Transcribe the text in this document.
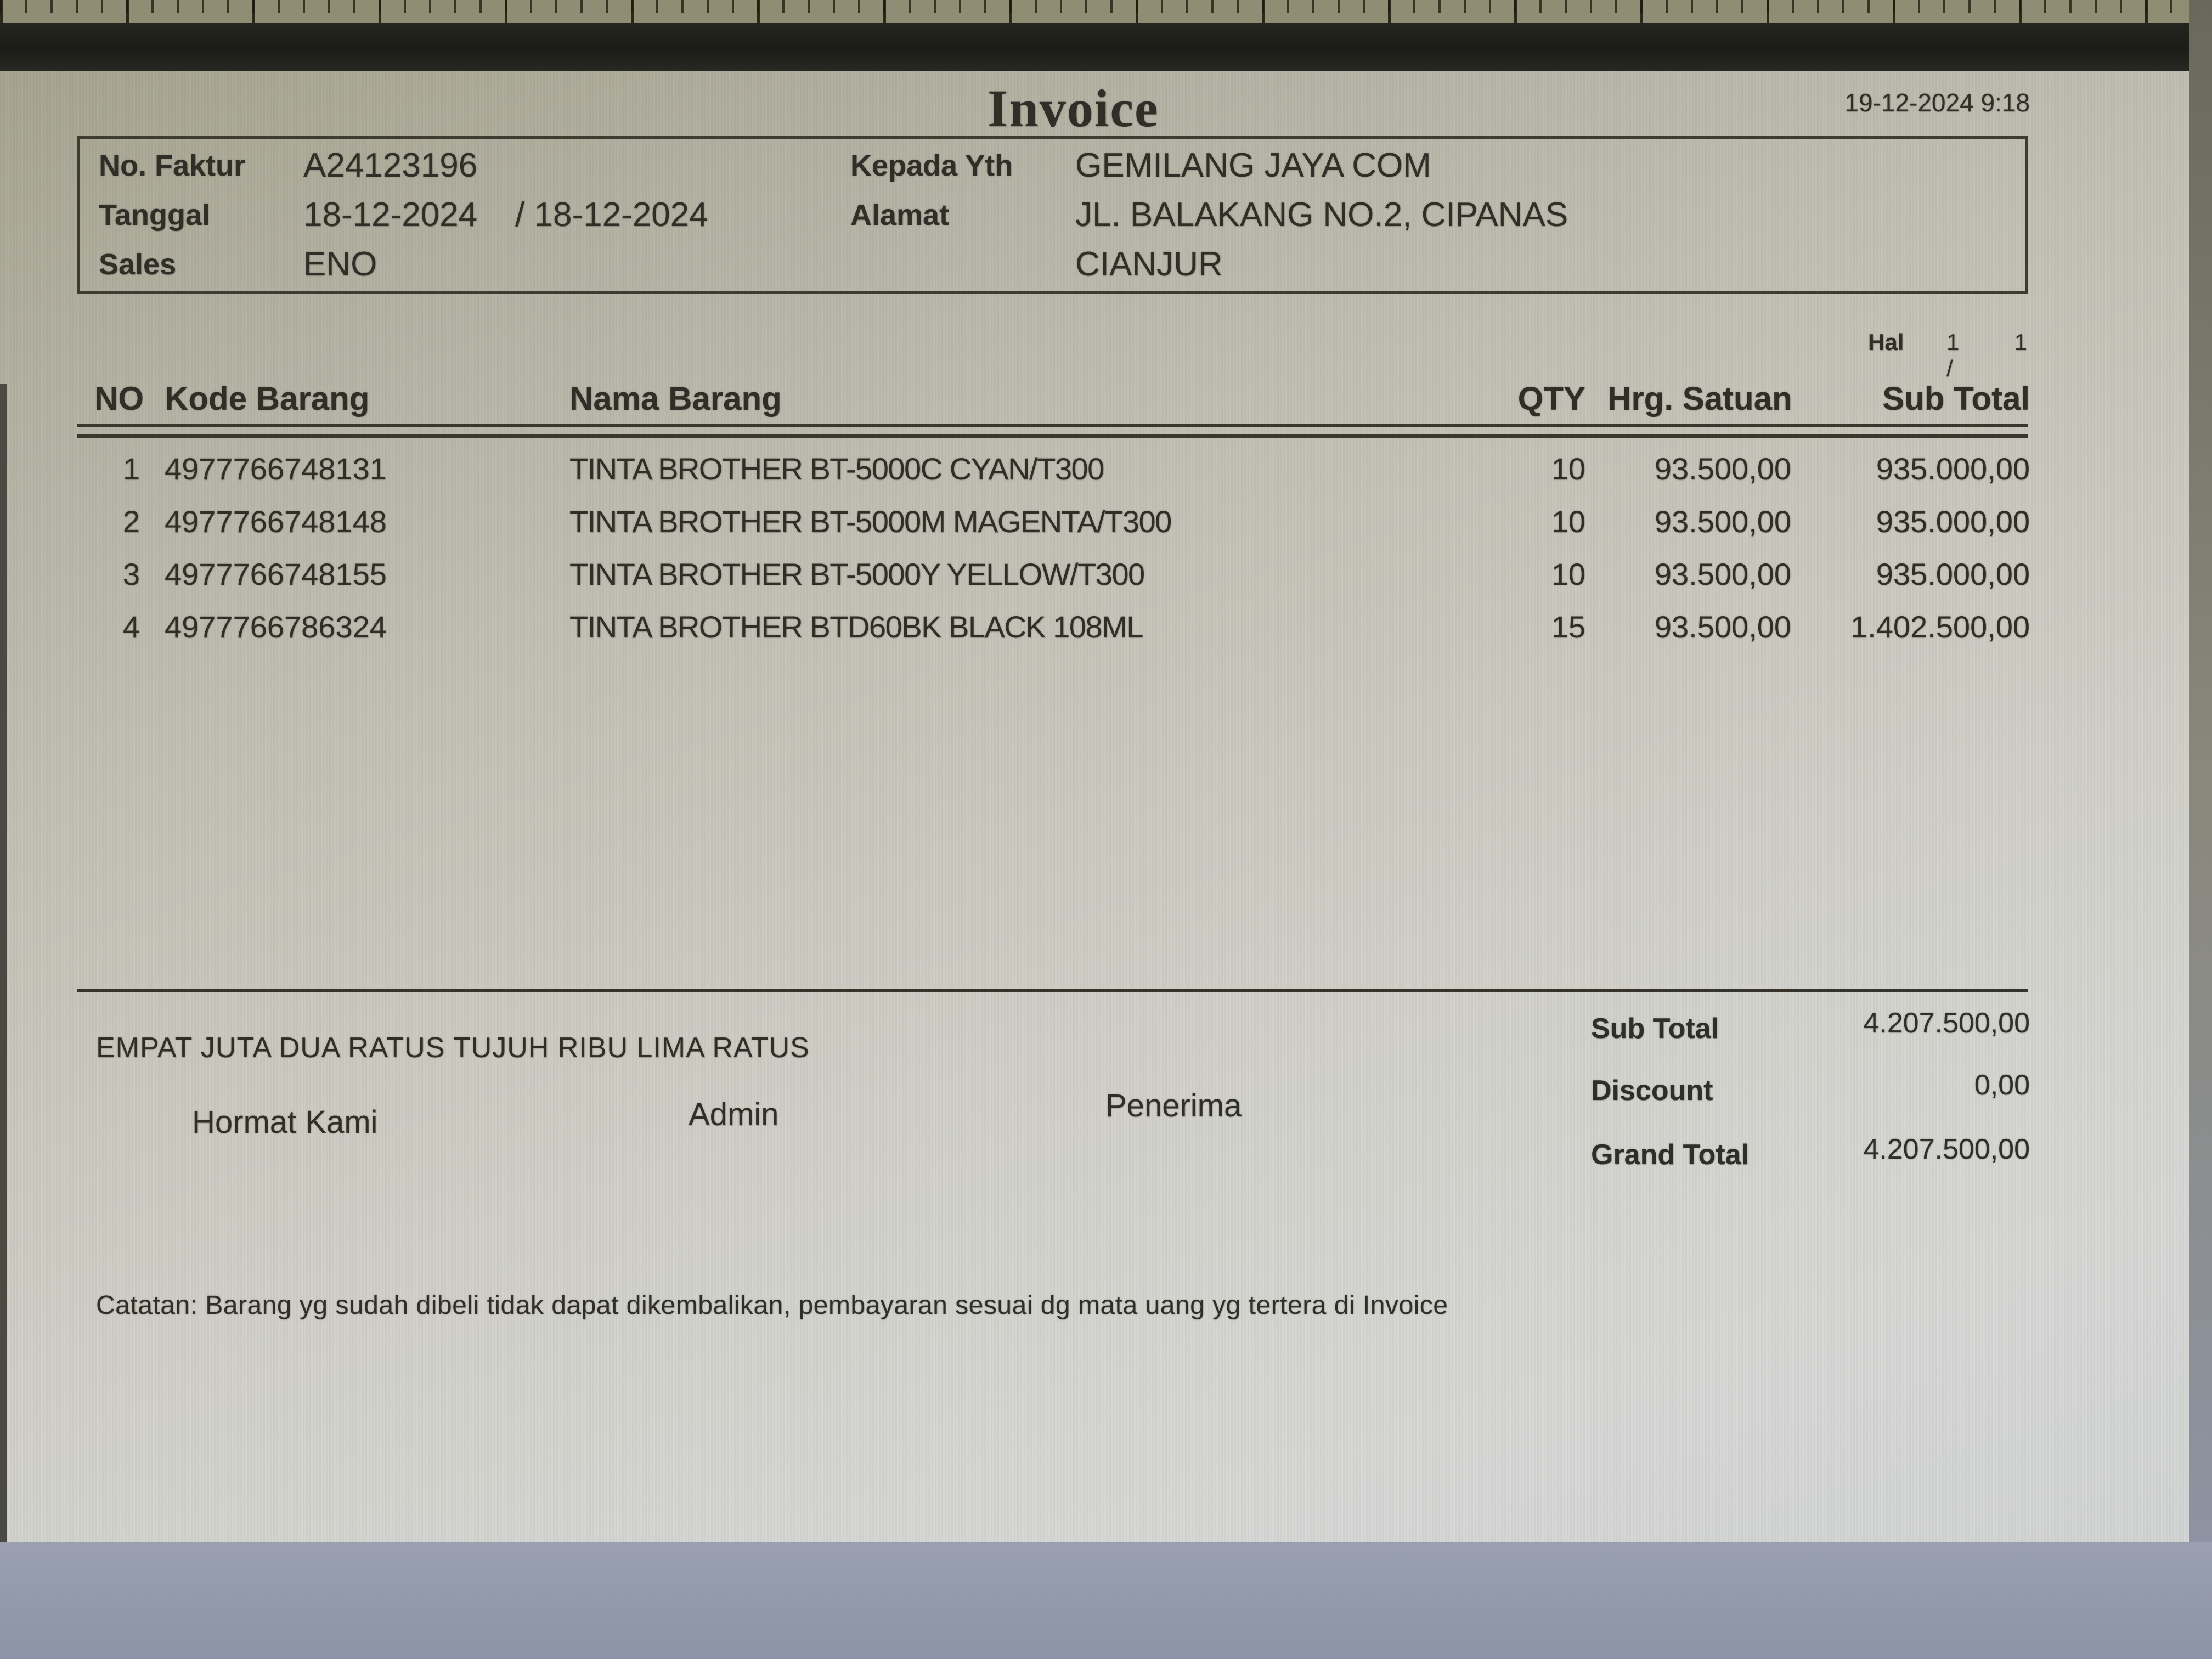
Invoice	19-12-2024 9:18
No. Faktur A24123196
Tanggal	18-12-2024    / 18-12-2024
Sales	ENO
Kepada Yth GEMILANG JAYA COM
Alamat	JL. BALAKANG NO.2, CIPANAS
CIANJUR
Hal 1 /
1
NO Kode Barang	Nama Barang	QTY Hrg. Satuan	Sub Total
1 4977766748131	TINTA BROTHER BT-5000C CYAN/T300	10	93.500,00	935.000,00
2 4977766748148	TINTA BROTHER BT-5000M MAGENTA/T300	10	93.500,00	935.000,00
3 4977766748155	TINTA BROTHER BT-5000Y YELLOW/T300	10	93.500,00	935.000,00
4 4977766786324	TINTA BROTHER BTD60BK BLACK 108ML	15	93.500,00	1.402.500,00
Sub Total	4.207.500,00
Discount	0,00
Grand Total	4.207.500,00
EMPAT JUTA DUA RATUS TUJUH RIBU LIMA RATUS
Hormat Kami	Admin	Penerima
Catatan: Barang yg sudah dibeli tidak dapat dikembalikan, pembayaran sesuai dg mata uang yg tertera di Invoice
